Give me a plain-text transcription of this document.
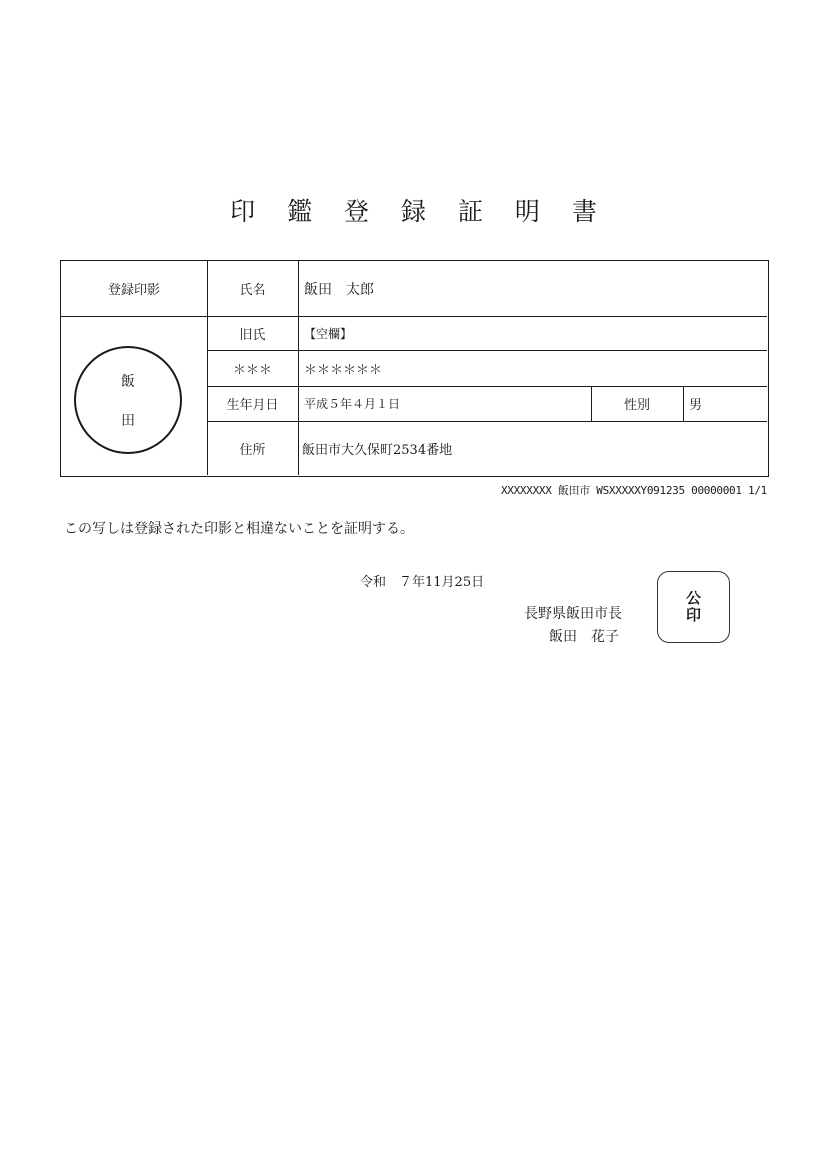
印 鑑 登 録 証 明 書
登録印影	氏名	飯田　太郎
飯
田
旧氏	【空欄】
＊＊＊	＊＊＊＊＊＊
生年月日	平成５年４月１日	性別	男
住所	飯田市大久保町2534番地
XXXXXXXX 飯田市 WSXXXXXY091235 00000001 1/1
この写しは登録された印影と相違ないことを証明する。
令和　７年11月25日
長野県飯田市長
飯田　花子
公
印
